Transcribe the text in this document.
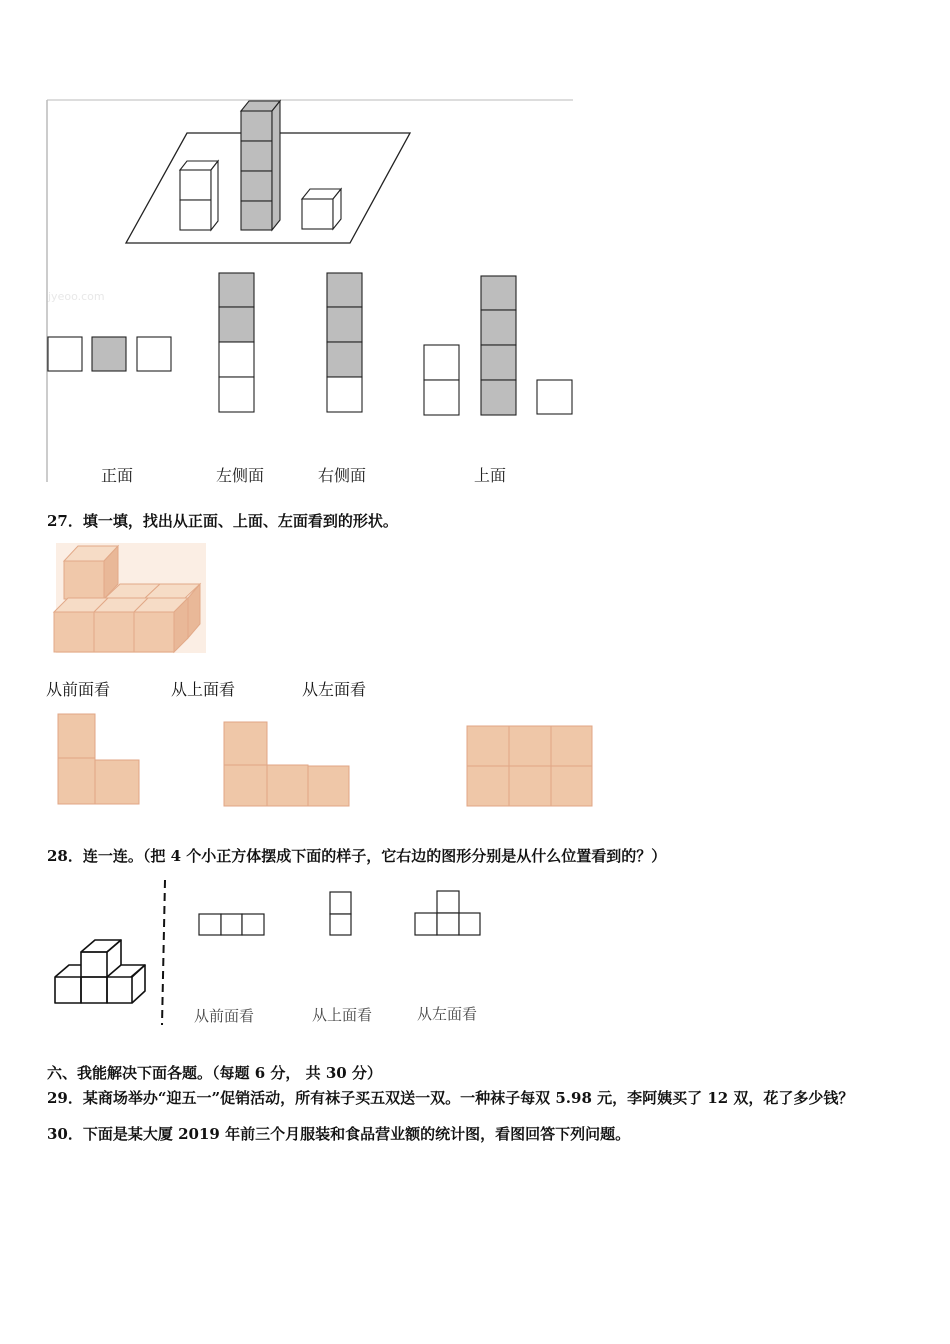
jyeoo.com
正面	左侧面	右侧面	上面
27．填一填，找出从正面、上面、左面看到的形状。
从前面看	从上面看	从左面看
28．连一连。（把 4 个小正方体摆成下面的样子，它右边的图形分别是从什么位置看到的？）
从前面看	从上面看	从左面看
六、我能解决下面各题。（每题 6 分， 共 30 分）
29．某商场举办“迎五一”促销活动，所有袜子买五双送一双。一种袜子每双 5.98 元，李阿姨买了 12 双，花了多少钱？
30．下面是某大厦 2019 年前三个月服装和食品营业额的统计图，看图回答下列问题。
